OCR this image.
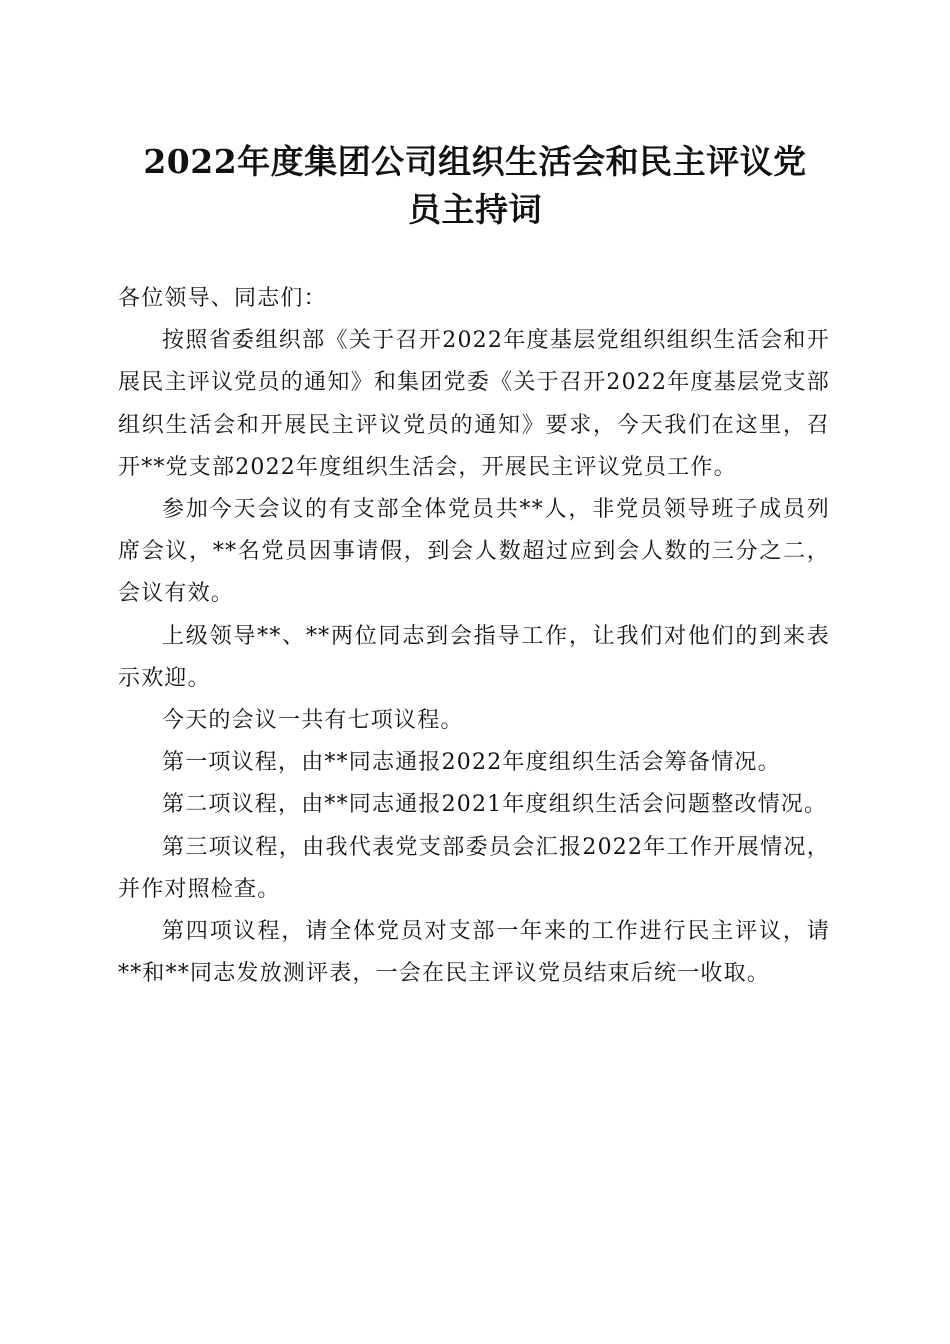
2022年度集团公司组织生活会和民主评议党
员主持词

各位领导、同志们：

按照省委组织部《关于召开2022年度基层党组织组织生活会和开展民主评议党员的通知》和集团党委《关于召开2022年度基层党支部组织生活会和开展民主评议党员的通知》要求，今天我们在这里，召开**党支部2022年度组织生活会，开展民主评议党员工作。

参加今天会议的有支部全体党员共**人，非党员领导班子成员列席会议，**名党员因事请假，到会人数超过应到会人数的三分之二，会议有效。

上级领导**、**两位同志到会指导工作，让我们对他们的到来表示欢迎。

今天的会议一共有七项议程。

第一项议程，由**同志通报2022年度组织生活会筹备情况。

第二项议程，由**同志通报2021年度组织生活会问题整改情况。

第三项议程，由我代表党支部委员会汇报2022年工作开展情况，并作对照检查。

第四项议程，请全体党员对支部一年来的工作进行民主评议，请**和**同志发放测评表，一会在民主评议党员结束后统一收取。
